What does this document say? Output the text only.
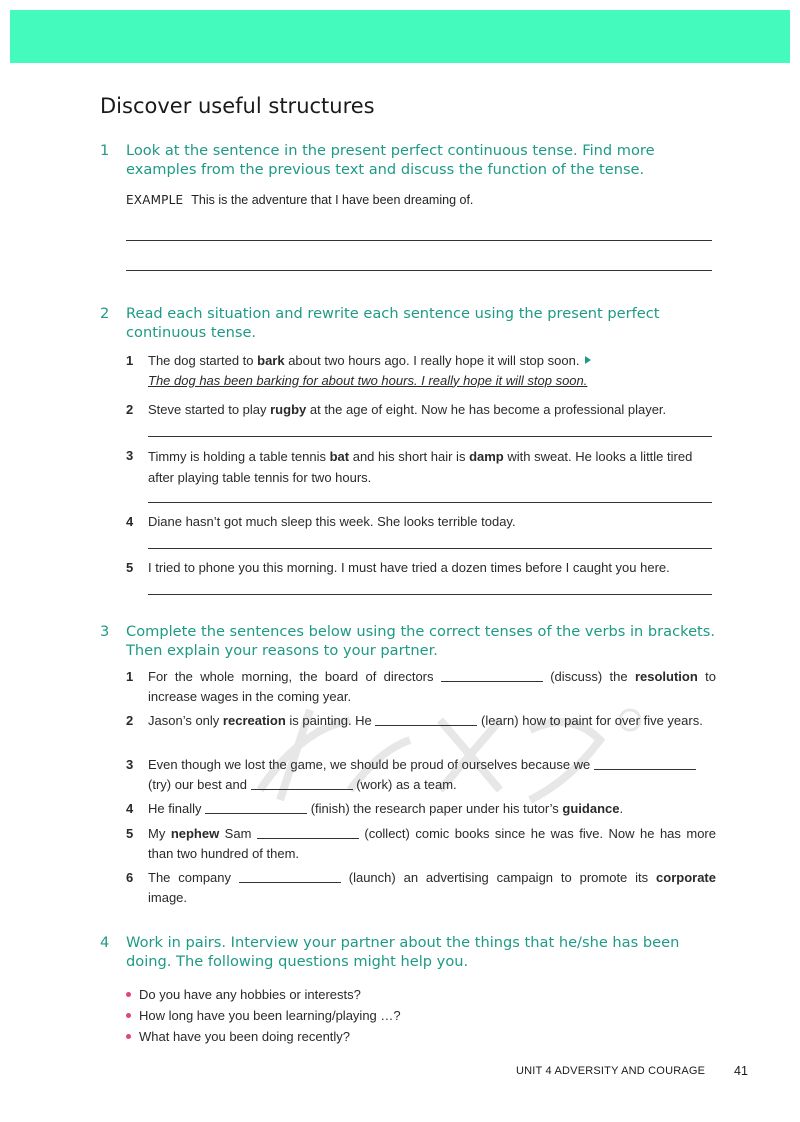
Discover useful structures
1 Look at the sentence in the present perfect continuous tense. Find more examples from the previous text and discuss the function of the tense.
EXAMPLE This is the adventure that I have been dreaming of.
2 Read each situation and rewrite each sentence using the present perfect continuous tense.
1 The dog started to bark about two hours ago. I really hope it will stop soon.
The dog has been barking for about two hours. I really hope it will stop soon.
2 Steve started to play rugby at the age of eight. Now he has become a professional player.
3 Timmy is holding a table tennis bat and his short hair is damp with sweat. He looks a little tired after playing table tennis for two hours.
4 Diane hasn’t got much sleep this week. She looks terrible today.
5 I tried to phone you this morning. I must have tried a dozen times before I caught you here.
3 Complete the sentences below using the correct tenses of the verbs in brackets. Then explain your reasons to your partner.
1 For the whole morning, the board of directors	(discuss) the resolution to increase wages in the coming year.
2 Jason’s only recreation is painting. He	(learn) how to paint for over five years.
3 Even though we lost the game, we should be proud of ourselves because we
(try) our best and	(work) as a team.
4 He finally	(finish) the research paper under his tutor’s guidance.
5 My nephew Sam	(collect) comic books since he was five. Now he has more than two hundred of them.
6 The company	(launch) an advertising campaign to promote its corporate image.
4 Work in pairs. Interview your partner about the things that he/she has been doing. The following questions might help you.
Do you have any hobbies or interests?
How long have you been learning/playing …?
What have you been doing recently?
UNIT 4 ADVERSITY AND COURAGE 41
